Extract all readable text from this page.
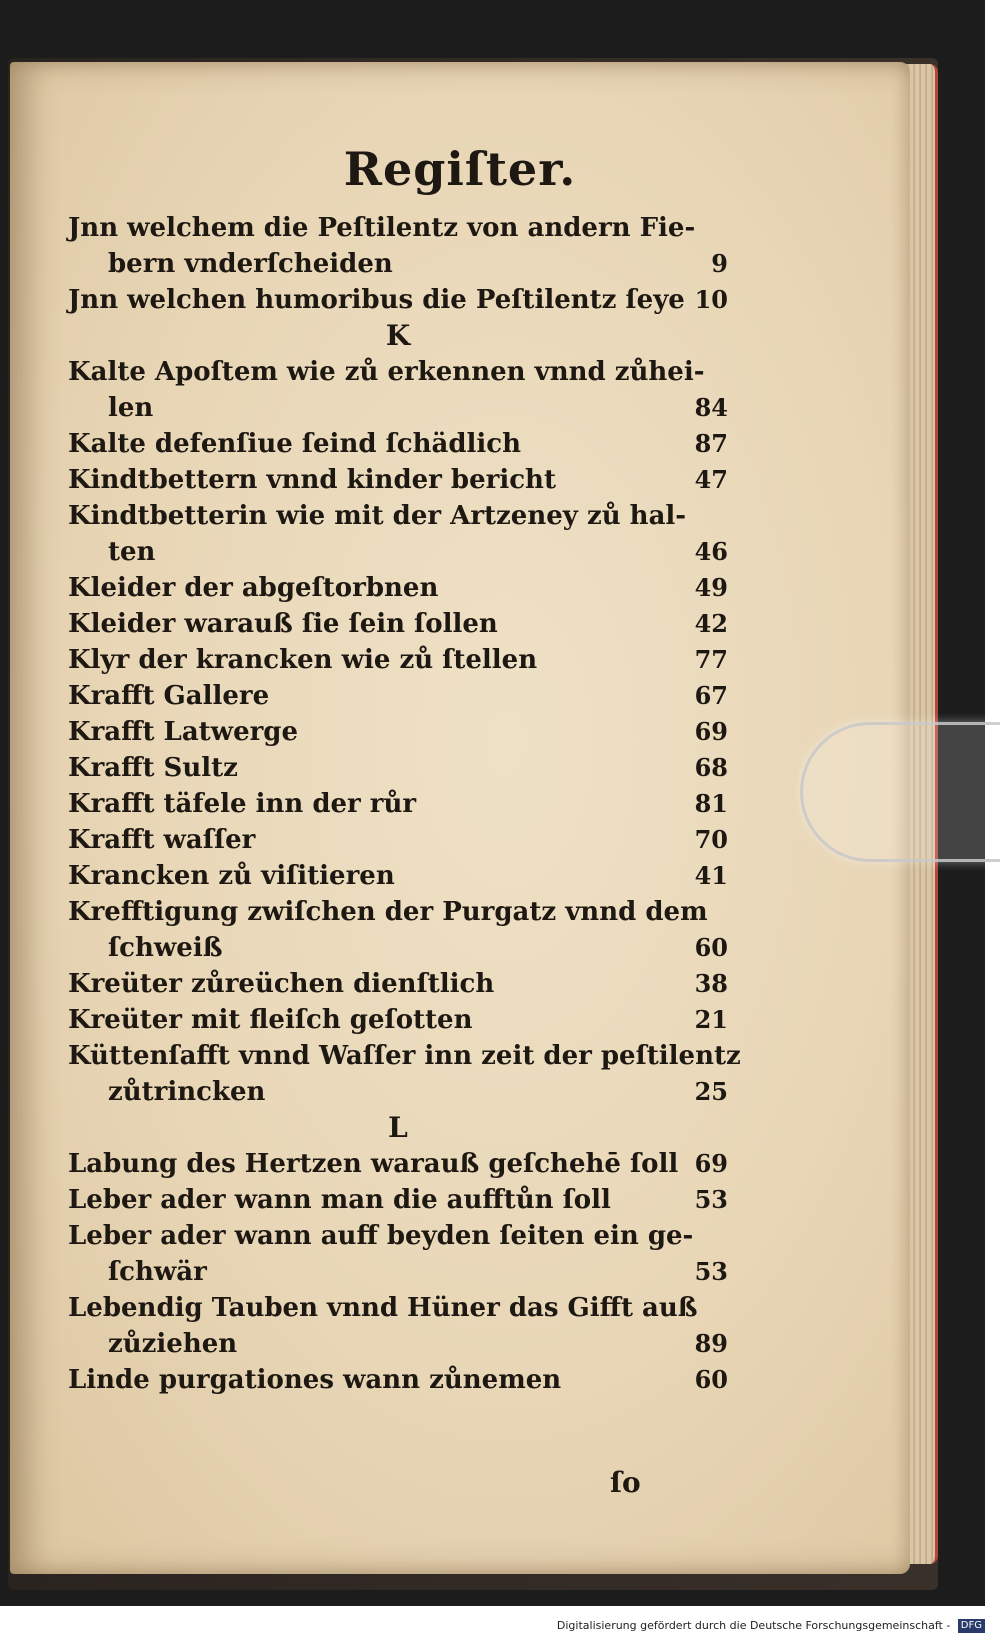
Regiſter.
Jnn welchem die Peſtilentz von andern Fie-
bern vnderſcheiden	9
Jnn welchen humoribus die Peſtilentz ſeye 10
K
Kalte Apoſtem wie zů erkennen vnnd zůhei-
len	84
Kalte defenſiue ſeind ſchädlich	87
Kindtbettern vnnd kinder bericht	47
Kindtbetterin wie mit der Artzeney zů hal-
ten	46
Kleider der abgeſtorbnen	49
Kleider warauß ſie ſein ſollen	42
Klyr der krancken wie zů ſtellen	77
Krafft Gallere	67
Krafft Latwerge	69
Krafft Sultz	68
Krafft täfele inn der růr	81
Krafft waſſer	70
Krancken zů viſitieren	41
Krefftigung zwiſchen der Purgatz vnnd dem
ſchweiß	60
Kreüter zůreüchen dienſtlich	38
Kreüter mit fleiſch geſotten	21
Küttenſafft vnnd Waſſer inn zeit der peſtilentz
zůtrincken	25
L
Labung des Hertzen warauß geſchehē ſoll 69
Leber ader wann man die aufftůn ſoll	53
Leber ader wann auff beyden ſeiten ein ge-
ſchwär	53
Lebendig Tauben vnnd Hüner das Gifft auß
zůziehen	89
Linde purgationes wann zůnemen	60
ſo
Digitalisierung gefördert durch die Deutsche Forschungsgemeinschaft - DFG
